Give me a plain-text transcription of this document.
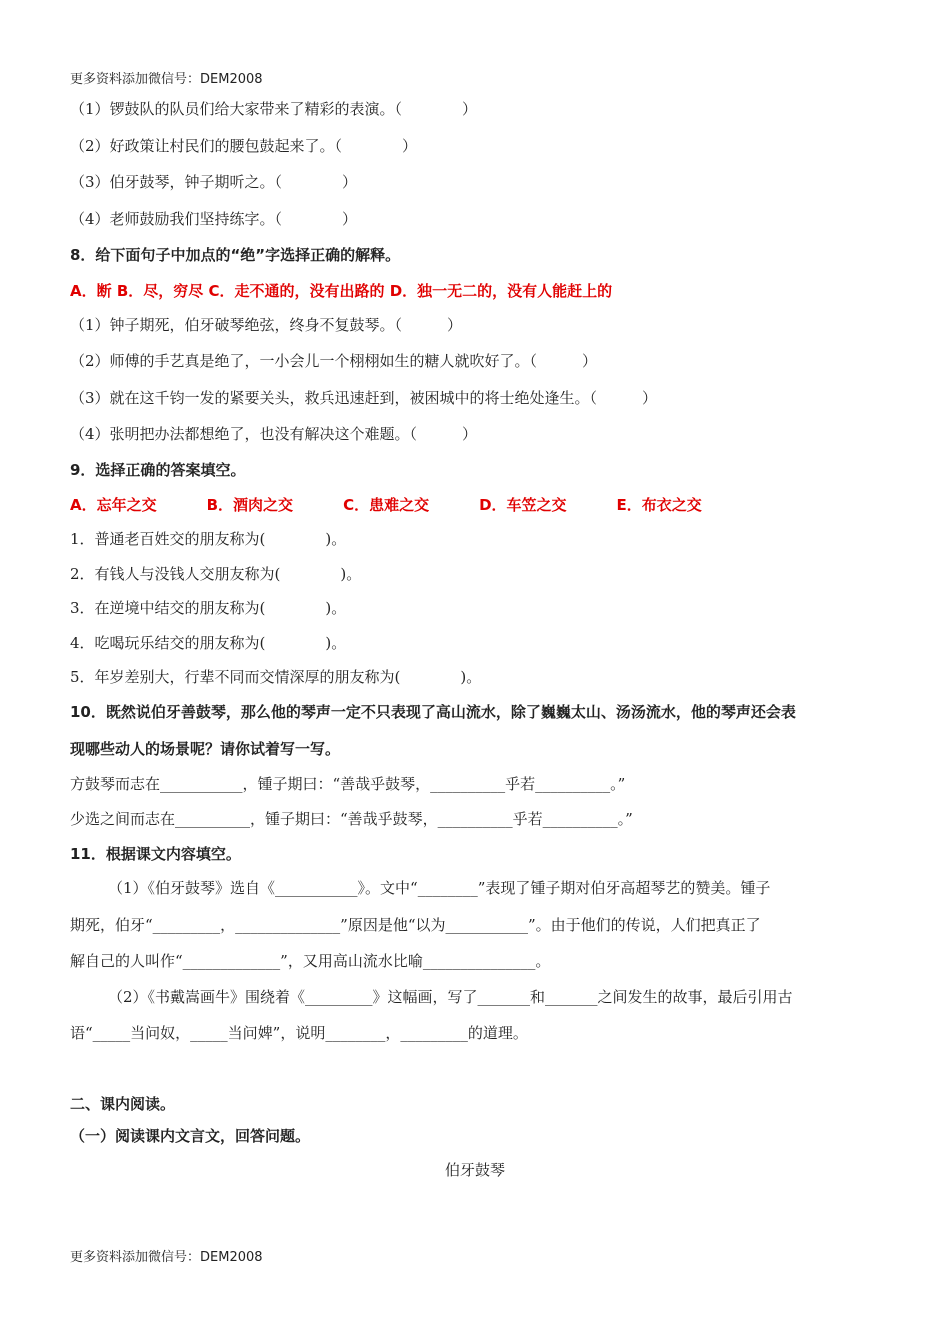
更多资料添加微信号：DEM2008
（1）锣鼓队的队员们给大家带来了精彩的表演。（　　　　）
（2）好政策让村民们的腰包鼓起来了。（　　　　）
（3）伯牙鼓琴，钟子期听之。（　　　　）
（4）老师鼓励我们坚持练字。（　　　　）
8．给下面句子中加点的“绝”字选择正确的解释。
A．断 B．尽，穷尽 C．走不通的，没有出路的 D．独一无二的，没有人能赶上的
（1）钟子期死，伯牙破琴绝弦，终身不复鼓琴。（　　　）
（2）师傅的手艺真是绝了，一小会儿一个栩栩如生的糖人就吹好了。（　　　）
（3）就在这千钧一发的紧要关头，救兵迅速赶到，被困城中的将士绝处逢生。（　　　）
（4）张明把办法都想绝了，也没有解决这个难题。（　　　）
9．选择正确的答案填空。
A．忘年之交	B．酒肉之交	C．患难之交	D．车笠之交	E．布衣之交
1．普通老百姓交的朋友称为(　　　　)。
2．有钱人与没钱人交朋友称为(　　　　)。
3．在逆境中结交的朋友称为(　　　　)。
4．吃喝玩乐结交的朋友称为(　　　　)。
5．年岁差别大，行辈不同而交情深厚的朋友称为(　　　　)。
10．既然说伯牙善鼓琴，那么他的琴声一定不只表现了高山流水，除了巍巍太山、汤汤流水，他的琴声还会表
现哪些动人的场景呢？请你试着写一写。
方鼓琴而志在___________，锺子期曰：“善哉乎鼓琴，__________乎若__________。”
少选之间而志在__________，锺子期曰：“善哉乎鼓琴，__________乎若__________。”
11．根据课文内容填空。
（1）《伯牙鼓琴》选自《___________》。文中“________”表现了锺子期对伯牙高超琴艺的赞美。锺子
期死，伯牙“_________，______________”原因是他“以为___________”。由于他们的传说，人们把真正了
解自己的人叫作“_____________”，又用高山流水比喻_______________。
（2）《书戴嵩画牛》围绕着《_________》这幅画，写了_______和_______之间发生的故事，最后引用古
语“_____当问奴，_____当问婢”，说明________，_________的道理。
二、课内阅读。
（一）阅读课内文言文，回答问题。
伯牙鼓琴
更多资料添加微信号：DEM2008
